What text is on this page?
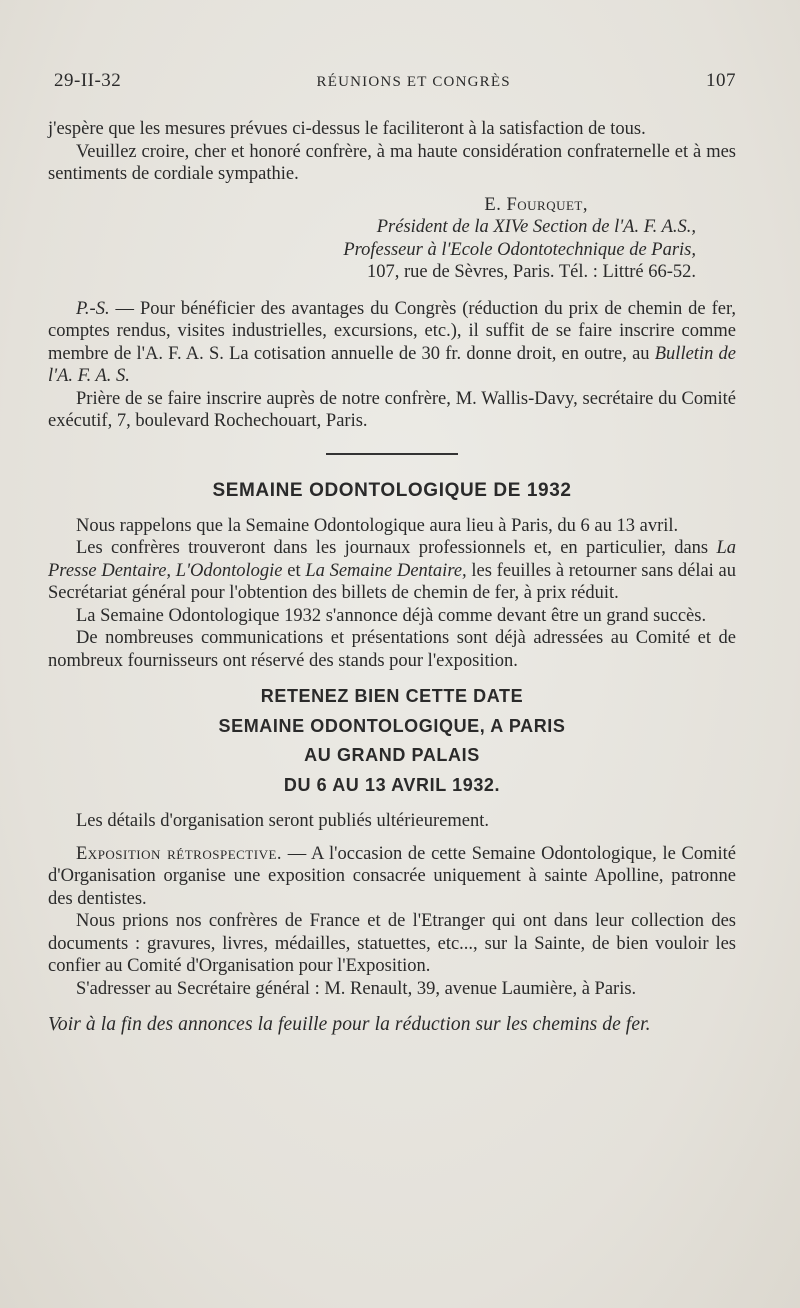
29-II-32	RÉUNIONS ET CONGRÈS	107

j'espère que les mesures prévues ci-dessus le faciliteront à la satisfaction de tous.

Veuillez croire, cher et honoré confrère, à ma haute considération confraternelle et à mes sentiments de cordiale sympathie.

E. Fourquet,
Président de la XIVe Section de l'A. F. A.S.,
Professeur à l'Ecole Odontotechnique de Paris,
107, rue de Sèvres, Paris. Tél. : Littré 66-52.

P.-S. — Pour bénéficier des avantages du Congrès (réduction du prix de chemin de fer, comptes rendus, visites industrielles, excursions, etc.), il suffit de se faire inscrire comme membre de l'A. F. A. S. La cotisation annuelle de 30 fr. donne droit, en outre, au Bulletin de l'A. F. A. S.

Prière de se faire inscrire auprès de notre confrère, M. Wallis-Davy, secrétaire du Comité exécutif, 7, boulevard Rochechouart, Paris.

SEMAINE ODONTOLOGIQUE DE 1932

Nous rappelons que la Semaine Odontologique aura lieu à Paris, du 6 au 13 avril.

Les confrères trouveront dans les journaux professionnels et, en particulier, dans La Presse Dentaire, L'Odontologie et La Semaine Dentaire, les feuilles à retourner sans délai au Secrétariat général pour l'obtention des billets de chemin de fer, à prix réduit.

La Semaine Odontologique 1932 s'annonce déjà comme devant être un grand succès.

De nombreuses communications et présentations sont déjà adressées au Comité et de nombreux fournisseurs ont réservé des stands pour l'exposition.

RETENEZ BIEN CETTE DATE
SEMAINE ODONTOLOGIQUE, A PARIS
AU GRAND PALAIS
DU 6 AU 13 AVRIL 1932.

Les détails d'organisation seront publiés ultérieurement.

Exposition rétrospective. — A l'occasion de cette Semaine Odontologique, le Comité d'Organisation organise une exposition consacrée uniquement à sainte Apolline, patronne des dentistes.

Nous prions nos confrères de France et de l'Etranger qui ont dans leur collection des documents : gravures, livres, médailles, statuettes, etc..., sur la Sainte, de bien vouloir les confier au Comité d'Organisation pour l'Exposition.

S'adresser au Secrétaire général : M. Renault, 39, avenue Laumière, à Paris.

Voir à la fin des annonces la feuille pour la réduction sur les chemins de fer.
